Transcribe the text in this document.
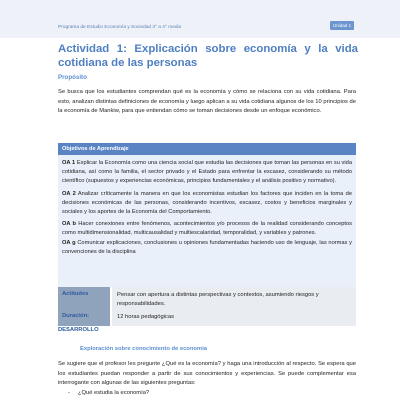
Programa de Estudio Economía y Sociedad 3° a 4° medio	Unidad 1
Actividad 1: Explicación sobre economía y la vida cotidiana de las personas
Propósito
Se busca que los estudiantes comprendan qué es la economía y cómo se relaciona con su vida cotidiana. Para esto, analizan distintas definiciones de economía y luego aplican a su vida cotidiana algunos de los 10 principios de la economía de Mankiw, para que entiendan cómo se toman decisiones desde un enfoque económico.
Objetivos de Aprendizaje

OA 1 Explicar la Economía como una ciencia social que estudia las decisiones que toman las personas en su vida cotidiana, así como la familia, el sector privado y el Estado para enfrentar la escasez, considerando su método científico (supuestos y experiencias económicas, principios fundamentales y el análisis positivo y normativo).

OA 2 Analizar críticamente la manera en que los economistas estudian los factores que inciden en la toma de decisiones económicas de las personas, considerando incentivos, escasez, costos y beneficios marginales y sociales y los aportes de la Economía del Comportamiento.

OA b Hacer conexiones entre fenómenos, acontecimientos y/o procesos de la realidad considerando conceptos como multidimensionalidad, multicausalidad y multiescalaridad, temporalidad, y variables y patrones.

OA g Comunicar explicaciones, conclusiones u opiniones fundamentadas haciendo uso de lenguaje, las normas y convenciones de la disciplina

Actitudes	Pensar con apertura a distintas perspectivas y contextos, asumiendo riesgos y responsabilidades.
Duración:	12 horas pedagógicas
DESARROLLO
Exploración sobre conocimiento de economía
Se sugiere que el profesor les pregunte ¿Qué es la economía? y haga una introducción al respecto. Se espera que los estudiantes puedan responder a partir de sus conocimientos y experiencias. Se puede complementar esa interrogante con algunas de las siguientes preguntas:
- ¿Qué estudia la economía?
